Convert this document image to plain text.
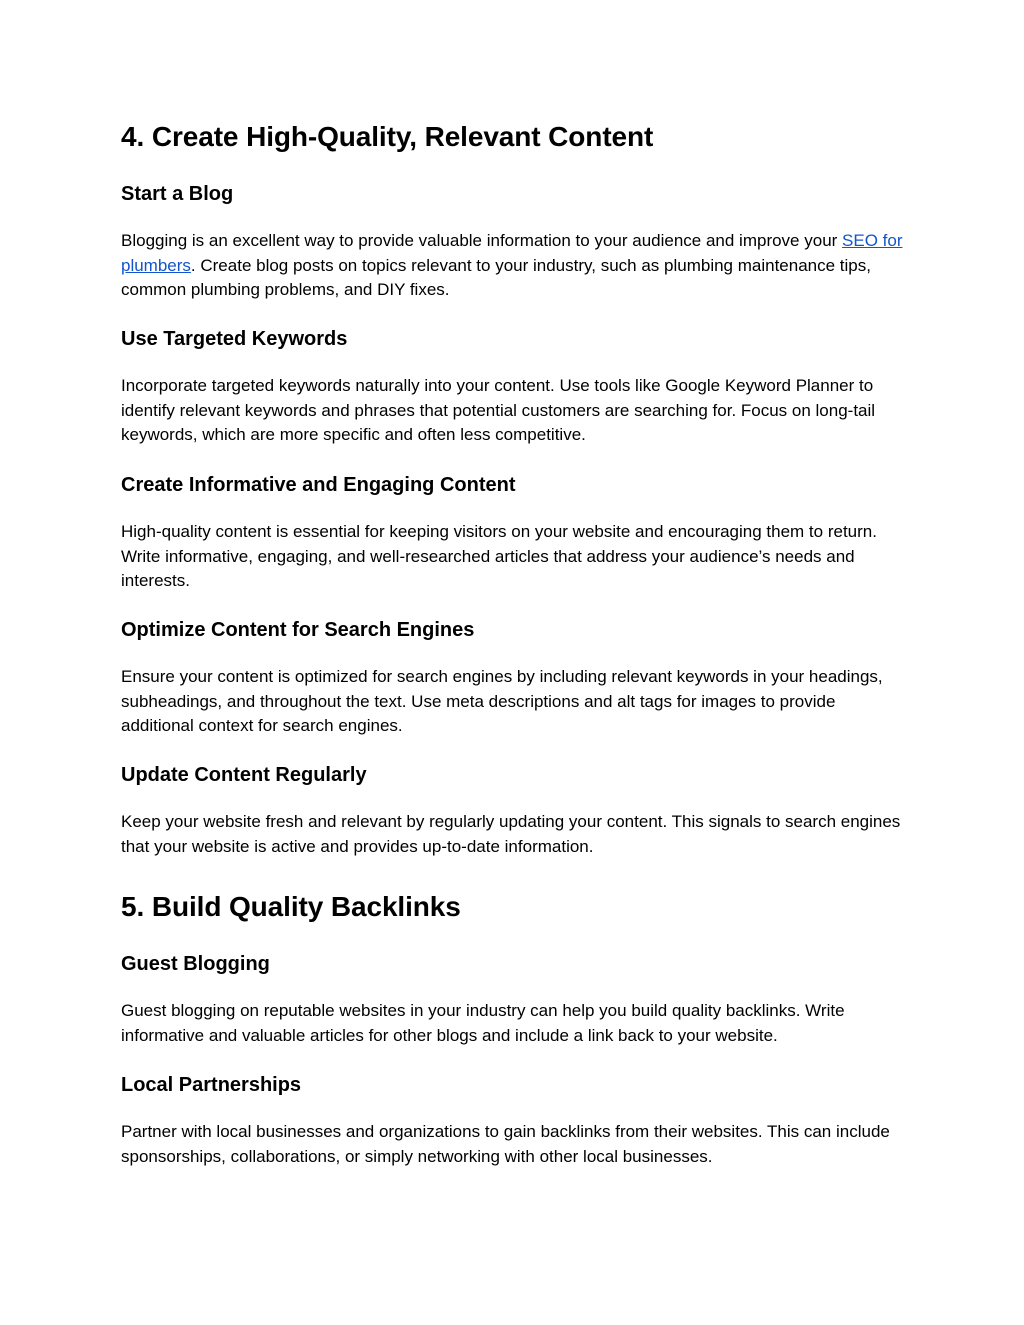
4. Create High-Quality, Relevant Content
Start a Blog

Blogging is an excellent way to provide valuable information to your audience and improve your SEO for plumbers. Create blog posts on topics relevant to your industry, such as plumbing maintenance tips, common plumbing problems, and DIY fixes.

Use Targeted Keywords

Incorporate targeted keywords naturally into your content. Use tools like Google Keyword Planner to identify relevant keywords and phrases that potential customers are searching for. Focus on long-tail keywords, which are more specific and often less competitive.

Create Informative and Engaging Content

High-quality content is essential for keeping visitors on your website and encouraging them to return. Write informative, engaging, and well-researched articles that address your audience’s needs and interests.

Optimize Content for Search Engines

Ensure your content is optimized for search engines by including relevant keywords in your headings, subheadings, and throughout the text. Use meta descriptions and alt tags for images to provide additional context for search engines.

Update Content Regularly

Keep your website fresh and relevant by regularly updating your content. This signals to search engines that your website is active and provides up-to-date information.

5. Build Quality Backlinks
Guest Blogging

Guest blogging on reputable websites in your industry can help you build quality backlinks. Write informative and valuable articles for other blogs and include a link back to your website.

Local Partnerships

Partner with local businesses and organizations to gain backlinks from their websites. This can include sponsorships, collaborations, or simply networking with other local businesses.
